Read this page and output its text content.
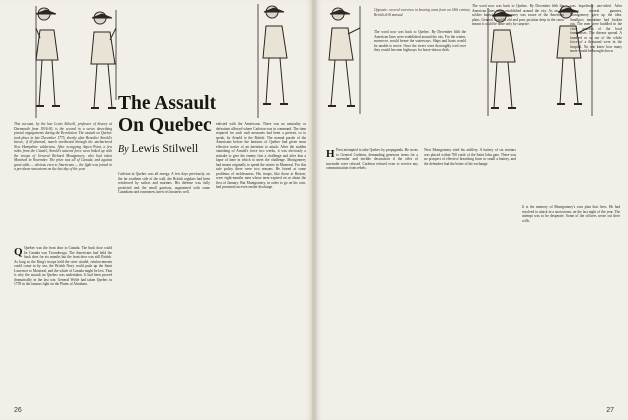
This account, by the late Lewis Stilwell, professor of history at Dartmouth from 1916-50, is the second in a series describing pivotal engagements during the Revolution. The assault on Quebec took place in late December 1775, shortly after Benedict Arnold's heroic, if ill-planned, march northward through the unchartered New Hampshire wilderness. After occupying Aspen Point, a few miles from the Citadel, Arnold's tattered force soon linked up with the troops of General Richard Montgomery, who had taken Montreal in November. The prize was all of Canada, and against great odds — obvious even to Americans — the fight was joined in a pre-dawn snowstorm on the last day of the year.
The Assault
On Quebec
By Lewis Stilwell
enlisted with the Americans. There was no neutrality or defeatism allowed where Carleton was in command. The time required for such rash measures had been a present, so to speak, by Arnold to the British. The normal parole of the Americans before the bastions of Quebec had given most effective notice of an intention to attack. After the sudden vanishing of Arnold's force two weeks, it was obviously a mistake to give the enemy first a challenge and after that a lapse of time in which to meet the challenge. Montgomery had meant originally to spend the winter in Montreal. For this safe policy there were two reasons. He feared at some problems of recklessness. His troops, like those at Boston, were eight-months men whose term expired on or about the first of January. But Montgomery, in order to go on his own, had promised an even earlier discharge.
Q Quebec was the front door to Canada. The back door could be Canada was Ticonderoga. The Americans had held the back door for six months but the front door was still British. As long as the King's troops held the river citadel, reinforcements could come in by sea, the British Navy could push up the Saint Lawrence to Montreal, and the whole of Canada might be lost. That is why the assault on Quebec was undertaken. It had been proved dramatically in the last war. General Wolfe had taken Quebec in 1759 in the famous fight on the Plains of Abraham.
Carleton in Quebec was all energy. A few days previously, on the far southern side of the wall, the British regulars had been reinforced by sailors and marines. His defense was fully protected and the small garrison, augmented with some Canadians and townsmen, knew its business well.
26
Opposite: several exercises in bearing arms from an 18th century British drill manual.
The word now was back to Quebec. By December fifth the American lines were established around the city. For the winter, moreover, would freeze the waterways. Ships and boats would be unable to move. Once the rivers were thoroughly iced over they would become highways for horse-drawn sleds.
The word now was back to Quebec. By December fifth the American lines were established around the city. As an old soldier knowing, Montgomery was aware of the American plans. General Arnold's old and poor position deep in the snow meant it could be done only by surprise.
was hopelessly one-sided. After losing several gunners, Montgomery gave up the idea. Smallpox meantime had broken out. The men were huddled in the close quarters of the local farmhouses. The disease spread. A hundred or so out of the whole force of a thousand were in the hospital. No one knew how many more would be brought down.
H First attempted to take Quebec by propaganda. He wrote to General Carleton, demanding generous terms for a surrender and terrible destruction if the offer of surrender were refused. Carleton refused even to receive any communication from rebels.
Next Montgomery tried his artillery. A battery of six mortars was placed within 700 yards of the Saint John gate. There was no prospect of effective breaching from so small a battery, and the defenders had the better of the exchange.
It is the memory of Montgomery's own plan that lives. He had resolved to attack in a snowstorm, on the last night of the year. The attempt was to be desperate. Some of the officers wrote out their wills.
27
